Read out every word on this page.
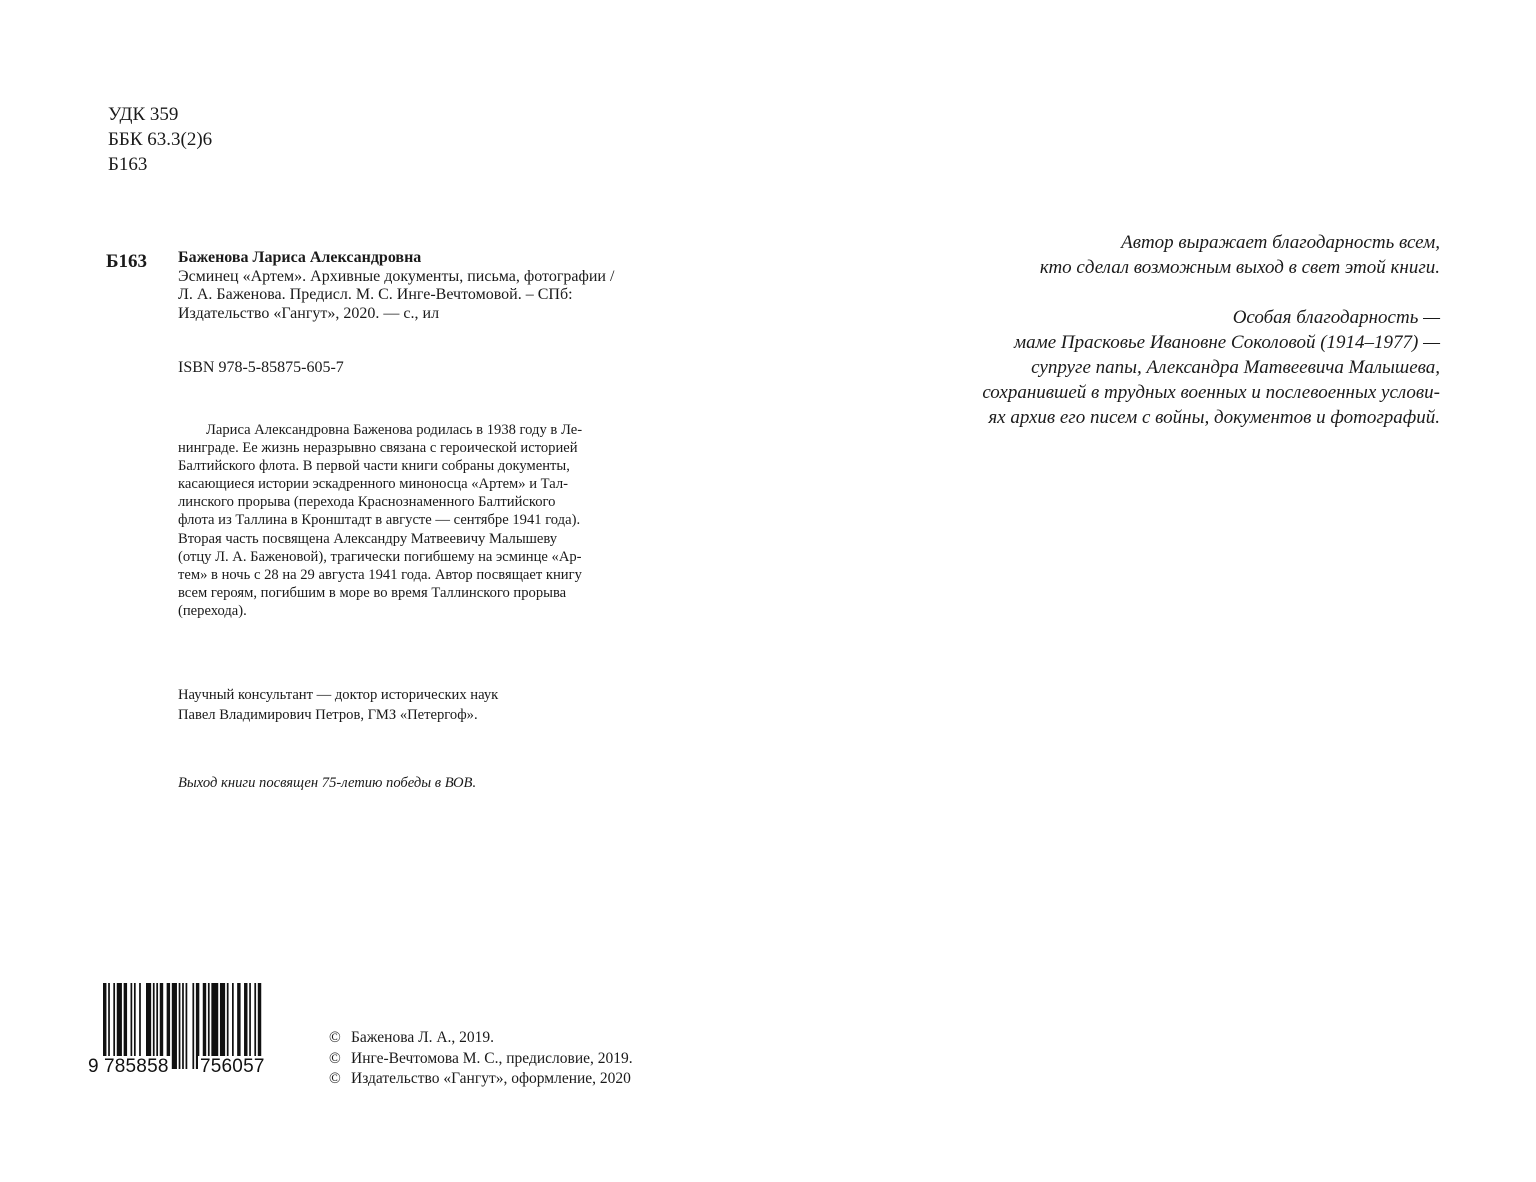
УДК 359
ББК 63.3(2)6
Б163
Б163 Баженова Лариса Александровна
Эсминец «Артем». Архивные документы, письма, фотографии /
Л. А. Баженова. Предисл. М. С. Инге-Вечтомовой. – СПб:
Издательство «Гангут», 2020. — с., ил
ISBN 978-5-85875-605-7
Лариса Александровна Баженова родилась в 1938 году в Ле-
нинграде. Ее жизнь неразрывно связана с героической историей
Балтийского флота. В первой части книги собраны документы,
касающиеся истории эскадренного миноносца «Артем» и Тал-
линского прорыва (перехода Краснознаменного Балтийского
флота из Таллина в Кронштадт в августе — сентябре 1941 года).
Вторая часть посвящена Александру Матвеевичу Малышеву
(отцу Л. А. Баженовой), трагически погибшему на эсминце «Ар-
тем» в ночь с 28 на 29 августа 1941 года. Автор посвящает книгу
всем героям, погибшим в море во время Таллинского прорыва
(перехода).
Научный консультант — доктор исторических наук
Павел Владимирович Петров, ГМЗ «Петергоф».
Выход книги посвящен 75-летию победы в ВОВ.
Автор выражает благодарность всем,
кто сделал возможным выход в свет этой книги.
Особая благодарность —
маме Прасковье Ивановне Соколовой (1914–1977) —
супруге папы, Александра Матвеевича Малышева,
сохранившей в трудных военных и послевоенных услови-
ях архив его писем с войны, документов и фотографий.
9 785858 756057
© Баженова Л. А., 2019.
© Инге-Вечтомова М. С., предисловие, 2019.
© Издательство «Гангут», оформление, 2020
